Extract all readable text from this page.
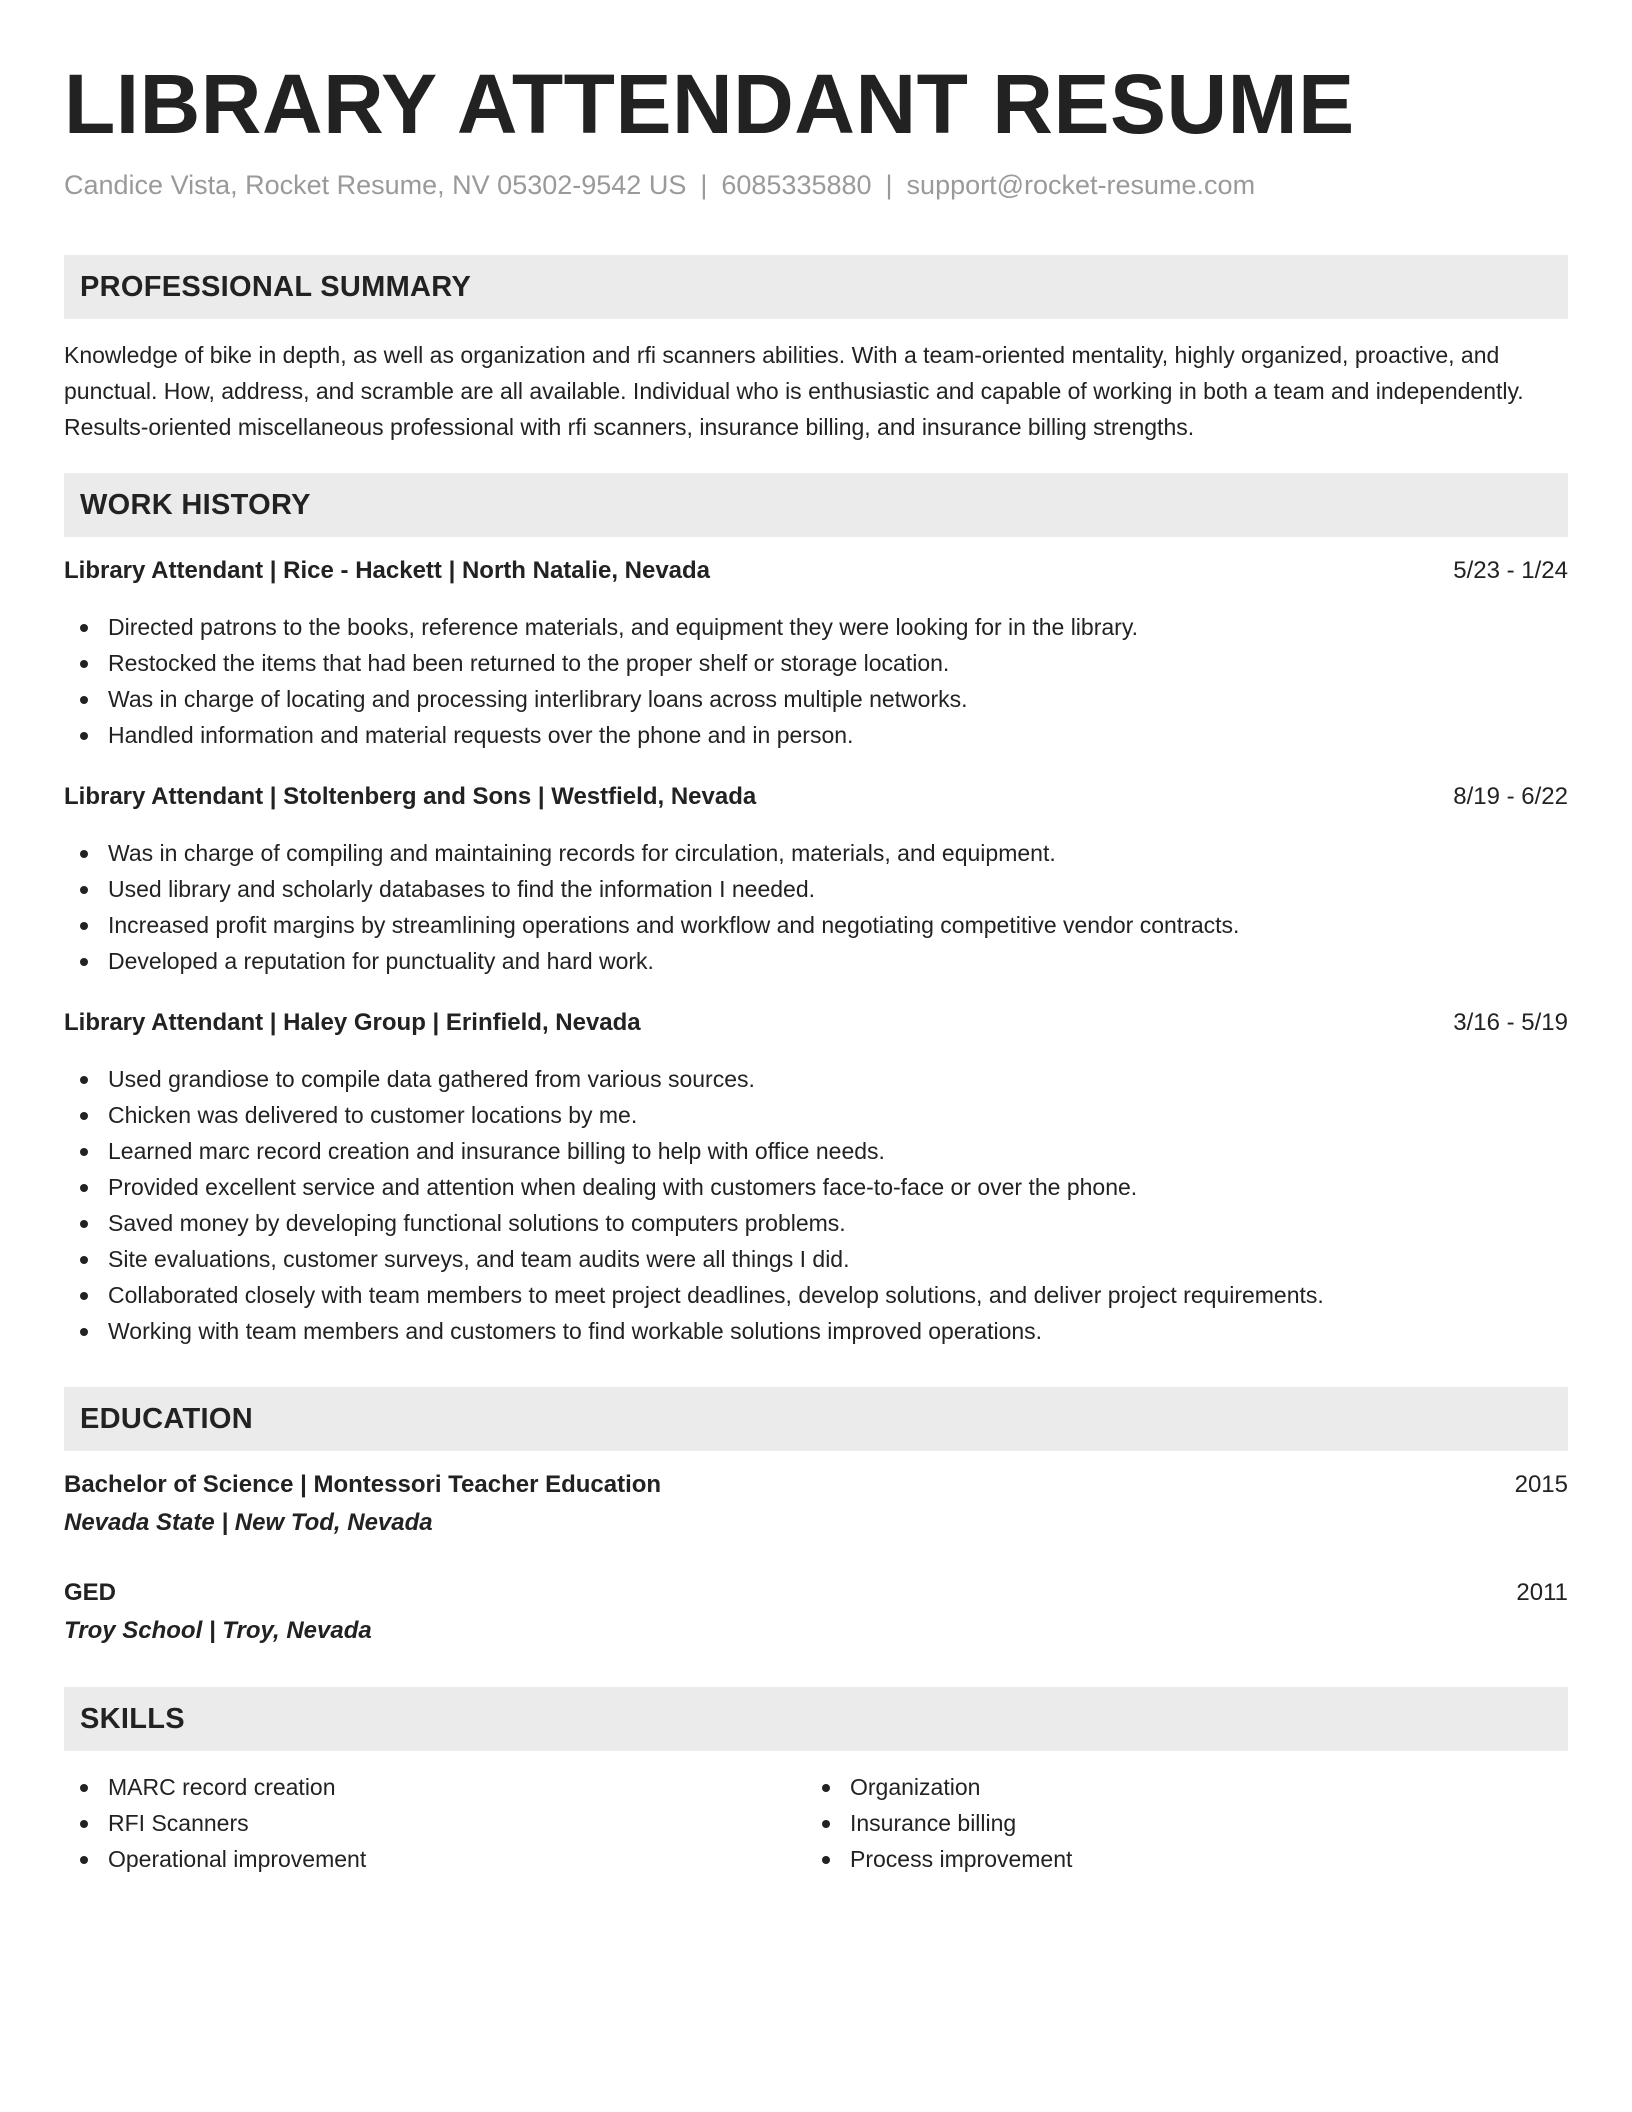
LIBRARY ATTENDANT RESUME
Candice Vista, Rocket Resume, NV 05302-9542 US | 6085335880 | support@rocket-resume.com
PROFESSIONAL SUMMARY

Knowledge of bike in depth, as well as organization and rfi scanners abilities. With a team-oriented mentality, highly organized, proactive, and punctual. How, address, and scramble are all available. Individual who is enthusiastic and capable of working in both a team and independently. Results-oriented miscellaneous professional with rfi scanners, insurance billing, and insurance billing strengths.

WORK HISTORY
Library Attendant | Rice - Hackett | North Natalie, Nevada	5/23 - 1/24
Directed patrons to the books, reference materials, and equipment they were looking for in the library.
Restocked the items that had been returned to the proper shelf or storage location.
Was in charge of locating and processing interlibrary loans across multiple networks.
Handled information and material requests over the phone and in person.
Library Attendant | Stoltenberg and Sons | Westfield, Nevada	8/19 - 6/22
Was in charge of compiling and maintaining records for circulation, materials, and equipment.
Used library and scholarly databases to find the information I needed.
Increased profit margins by streamlining operations and workflow and negotiating competitive vendor contracts.
Developed a reputation for punctuality and hard work.
Library Attendant | Haley Group | Erinfield, Nevada	3/16 - 5/19
Used grandiose to compile data gathered from various sources.
Chicken was delivered to customer locations by me.
Learned marc record creation and insurance billing to help with office needs.
Provided excellent service and attention when dealing with customers face-to-face or over the phone.
Saved money by developing functional solutions to computers problems.
Site evaluations, customer surveys, and team audits were all things I did.
Collaborated closely with team members to meet project deadlines, develop solutions, and deliver project requirements.
Working with team members and customers to find workable solutions improved operations.
EDUCATION
Bachelor of Science | Montessori Teacher Education	2015
Nevada State | New Tod, Nevada
GED	2011
Troy School | Troy, Nevada
SKILLS
MARC record creation
RFI Scanners
Operational improvement
Organization
Insurance billing
Process improvement
